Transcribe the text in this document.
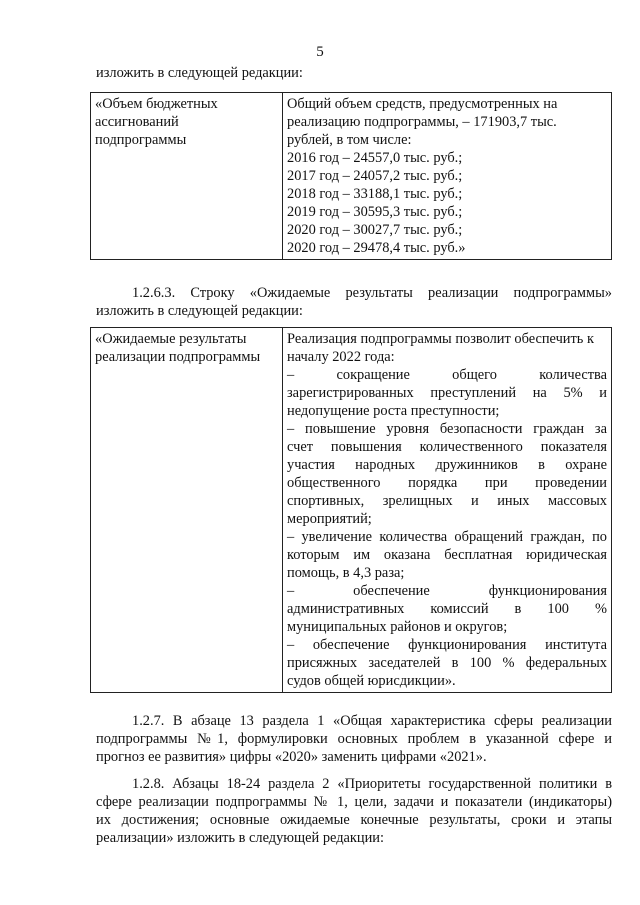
5
изложить в следующей редакции:
«Объем бюджетных
ассигнований
подпрограммы

Общий объем средств, предусмотренных на
реализацию подпрограммы, – 171903,7 тыс.
рублей, в том числе:
2016 год – 24557,0 тыс. руб.;
2017 год – 24057,2 тыс. руб.;
2018 год – 33188,1 тыс. руб.;
2019 год – 30595,3 тыс. руб.;
2020 год – 30027,7 тыс. руб.;
2020 год – 29478,4 тыс. руб.»
1.2.6.3. Строку «Ожидаемые результаты реализации подпрограммы»
изложить в следующей редакции:
«Ожидаемые результаты
реализации подпрограммы

Реализация подпрограммы позволит обеспечить к
началу 2022 года:
– сокращение общего количества
зарегистрированных преступлений на 5% и
недопущение роста преступности;
– повышение уровня безопасности граждан за
счет повышения количественного показателя
участия народных дружинников в охране
общественного порядка при проведении
спортивных, зрелищных и иных массовых
мероприятий;
– увеличение количества обращений граждан, по
которым им оказана бесплатная юридическая
помощь, в 4,3 раза;
– обеспечение функционирования
административных комиссий в 100 %
муниципальных районов и округов;
– обеспечение функционирования института
присяжных заседателей в 100 % федеральных
судов общей юрисдикции».
1.2.7. В абзаце 13 раздела 1 «Общая характеристика сферы реализации
подпрограммы №1, формулировки основных проблем в указанной сфере и
прогноз ее развития» цифры «2020» заменить цифрами «2021».
1.2.8. Абзацы 18-24 раздела 2 «Приоритеты государственной политики в
сфере реализации подпрограммы № 1, цели, задачи и показатели (индикаторы)
их достижения; основные ожидаемые конечные результаты, сроки и этапы
реализации» изложить в следующей редакции:
